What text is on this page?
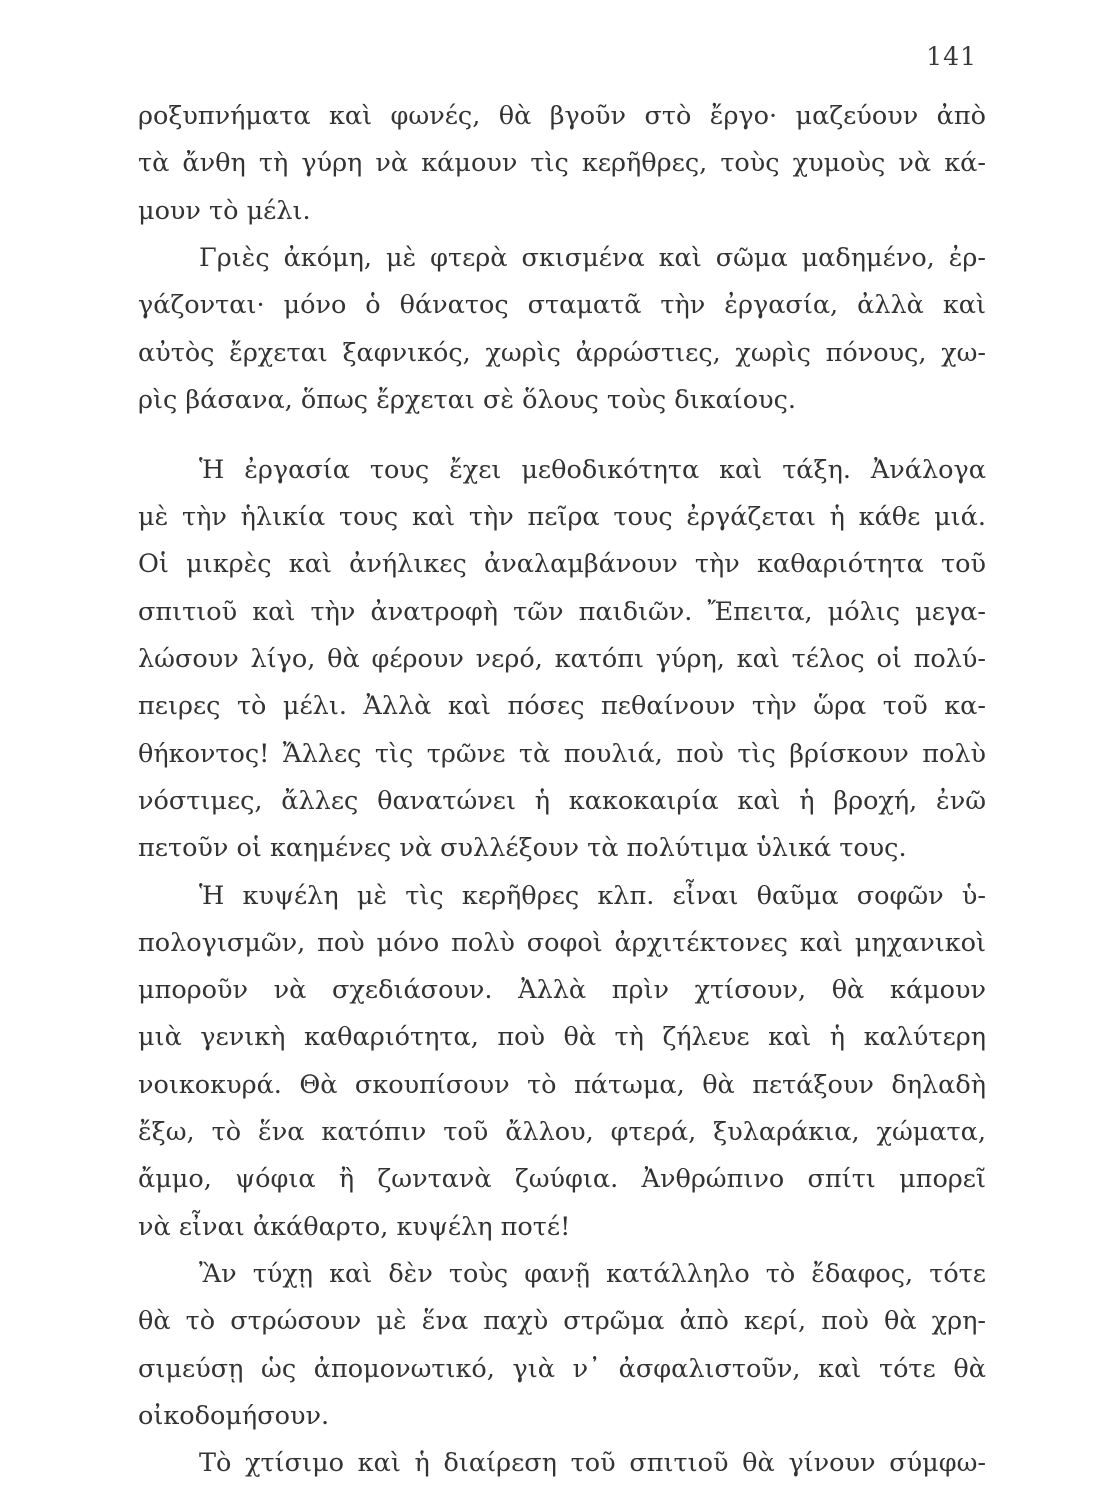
141
ροξυπνήματα καὶ φωνές, θὰ βγοῦν στὸ ἔργο· μαζεύουν ἀπὸ
τὰ ἄνθη τὴ γύρη νὰ κάμουν τὶς κερῆθρες, τοὺς χυμοὺς νὰ κά-
μουν τὸ μέλι.
Γριὲς ἀκόμη, μὲ φτερὰ σκισμένα καὶ σῶμα μαδημένο, ἐρ-
γάζονται· μόνο ὁ θάνατος σταματᾶ τὴν ἐργασία, ἀλλὰ καὶ
αὐτὸς ἔρχεται ξαφνικός, χωρὶς ἀρρώστιες, χωρὶς πόνους, χω-
ρὶς βάσανα, ὅπως ἔρχεται σὲ ὅλους τοὺς δικαίους.
Ἡ ἐργασία τους ἔχει μεθοδικότητα καὶ τάξη. Ἀνάλογα
μὲ τὴν ἡλικία τους καὶ τὴν πεῖρα τους ἐργάζεται ἡ κάθε μιά.
Οἱ μικρὲς καὶ ἀνήλικες ἀναλαμβάνουν τὴν καθαριότητα τοῦ
σπιτιοῦ καὶ τὴν ἀνατροφὴ τῶν παιδιῶν. Ἔπειτα, μόλις μεγα-
λώσουν λίγο, θὰ φέρουν νερό, κατόπι γύρη, καὶ τέλος οἱ πολύ-
πειρες τὸ μέλι. Ἀλλὰ καὶ πόσες πεθαίνουν τὴν ὥρα τοῦ κα-
θήκοντος! Ἄλλες τὶς τρῶνε τὰ πουλιά, ποὺ τὶς βρίσκουν πολὺ
νόστιμες, ἄλλες θανατώνει ἡ κακοκαιρία καὶ ἡ βροχή, ἐνῶ
πετοῦν οἱ καημένες νὰ συλλέξουν τὰ πολύτιμα ὑλικά τους.
Ἡ κυψέλη μὲ τὶς κερῆθρες κλπ. εἶναι θαῦμα σοφῶν ὑ-
πολογισμῶν, ποὺ μόνο πολὺ σοφοὶ ἀρχιτέκτονες καὶ μηχανικοὶ
μποροῦν νὰ σχεδιάσουν. Ἀλλὰ πρὶν χτίσουν, θὰ κάμουν
μιὰ γενικὴ καθαριότητα, ποὺ θὰ τὴ ζήλευε καὶ ἡ καλύτερη
νοικοκυρά. Θὰ σκουπίσουν τὸ πάτωμα, θὰ πετάξουν δηλαδὴ
ἔξω, τὸ ἕνα κατόπιν τοῦ ἄλλου, φτερά, ξυλαράκια, χώματα,
ἄμμο, ψόφια ἢ ζωντανὰ ζωύφια. Ἀνθρώπινο σπίτι μπορεῖ
νὰ εἶναι ἀκάθαρτο, κυψέλη ποτέ!
Ἂν τύχῃ καὶ δὲν τοὺς φανῇ κατάλληλο τὸ ἔδαφος, τότε
θὰ τὸ στρώσουν μὲ ἕνα παχὺ στρῶμα ἀπὸ κερί, ποὺ θὰ χρη-
σιμεύσῃ ὡς ἀπομονωτικό, γιὰ ν᾽ ἀσφαλιστοῦν, καὶ τότε θὰ
οἰκοδομήσουν.
Τὸ χτίσιμο καὶ ἡ διαίρεση τοῦ σπιτιοῦ θὰ γίνουν σύμφω-
